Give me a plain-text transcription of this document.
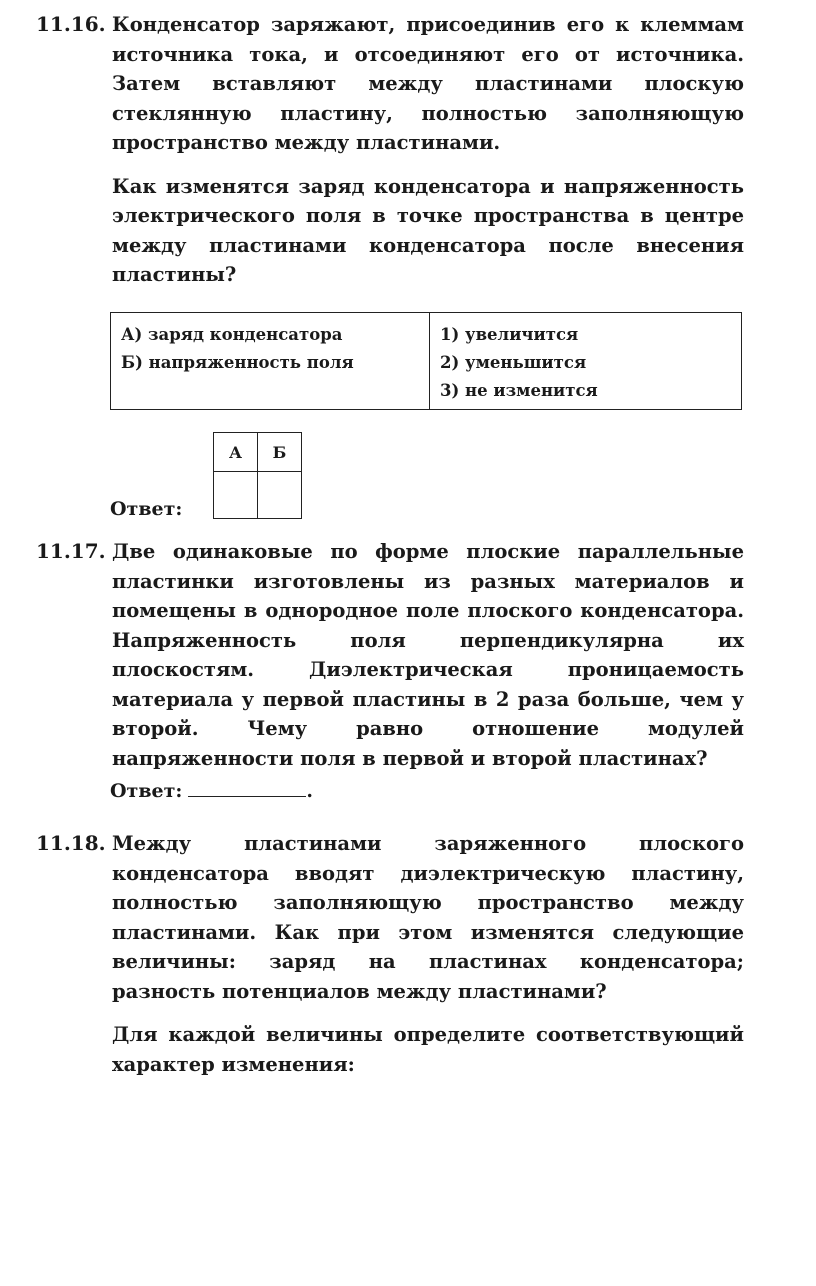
11.16. Конденсатор заряжают, присоединив его к клеммам источника тока, и отсоединяют его от источника. Затем вставляют между пластинами плоскую стеклянную пластину, полностью заполняющую пространство между пластинами.
Как изменятся заряд конденсатора и напряженность электрического поля в точке пространства в центре между пластинами конденсатора после внесения пластины?
А) заряд конденсатора
Б) напряженность поля
1) увеличится
2) уменьшится
3) не изменится
Ответ:
А	Б

11.17. Две одинаковые по форме плоские параллельные пластинки изготовлены из разных материалов и помещены в однородное поле плоского конденсатора. Напряженность поля перпендикулярна их плоскостям. Диэлектрическая проницаемость материала у первой пластины в 2 раза больше, чем у второй. Чему равно отношение модулей напряженности поля в первой и второй пластинах?
Ответ:	.
11.18. Между пластинами заряженного плоского конденсатора вводят диэлектрическую пластину, полностью заполняющую пространство между пластинами. Как при этом изменятся следующие величины: заряд на пластинах конденсатора; разность потенциалов между пластинами?
Для каждой величины определите соответствующий характер изменения:
